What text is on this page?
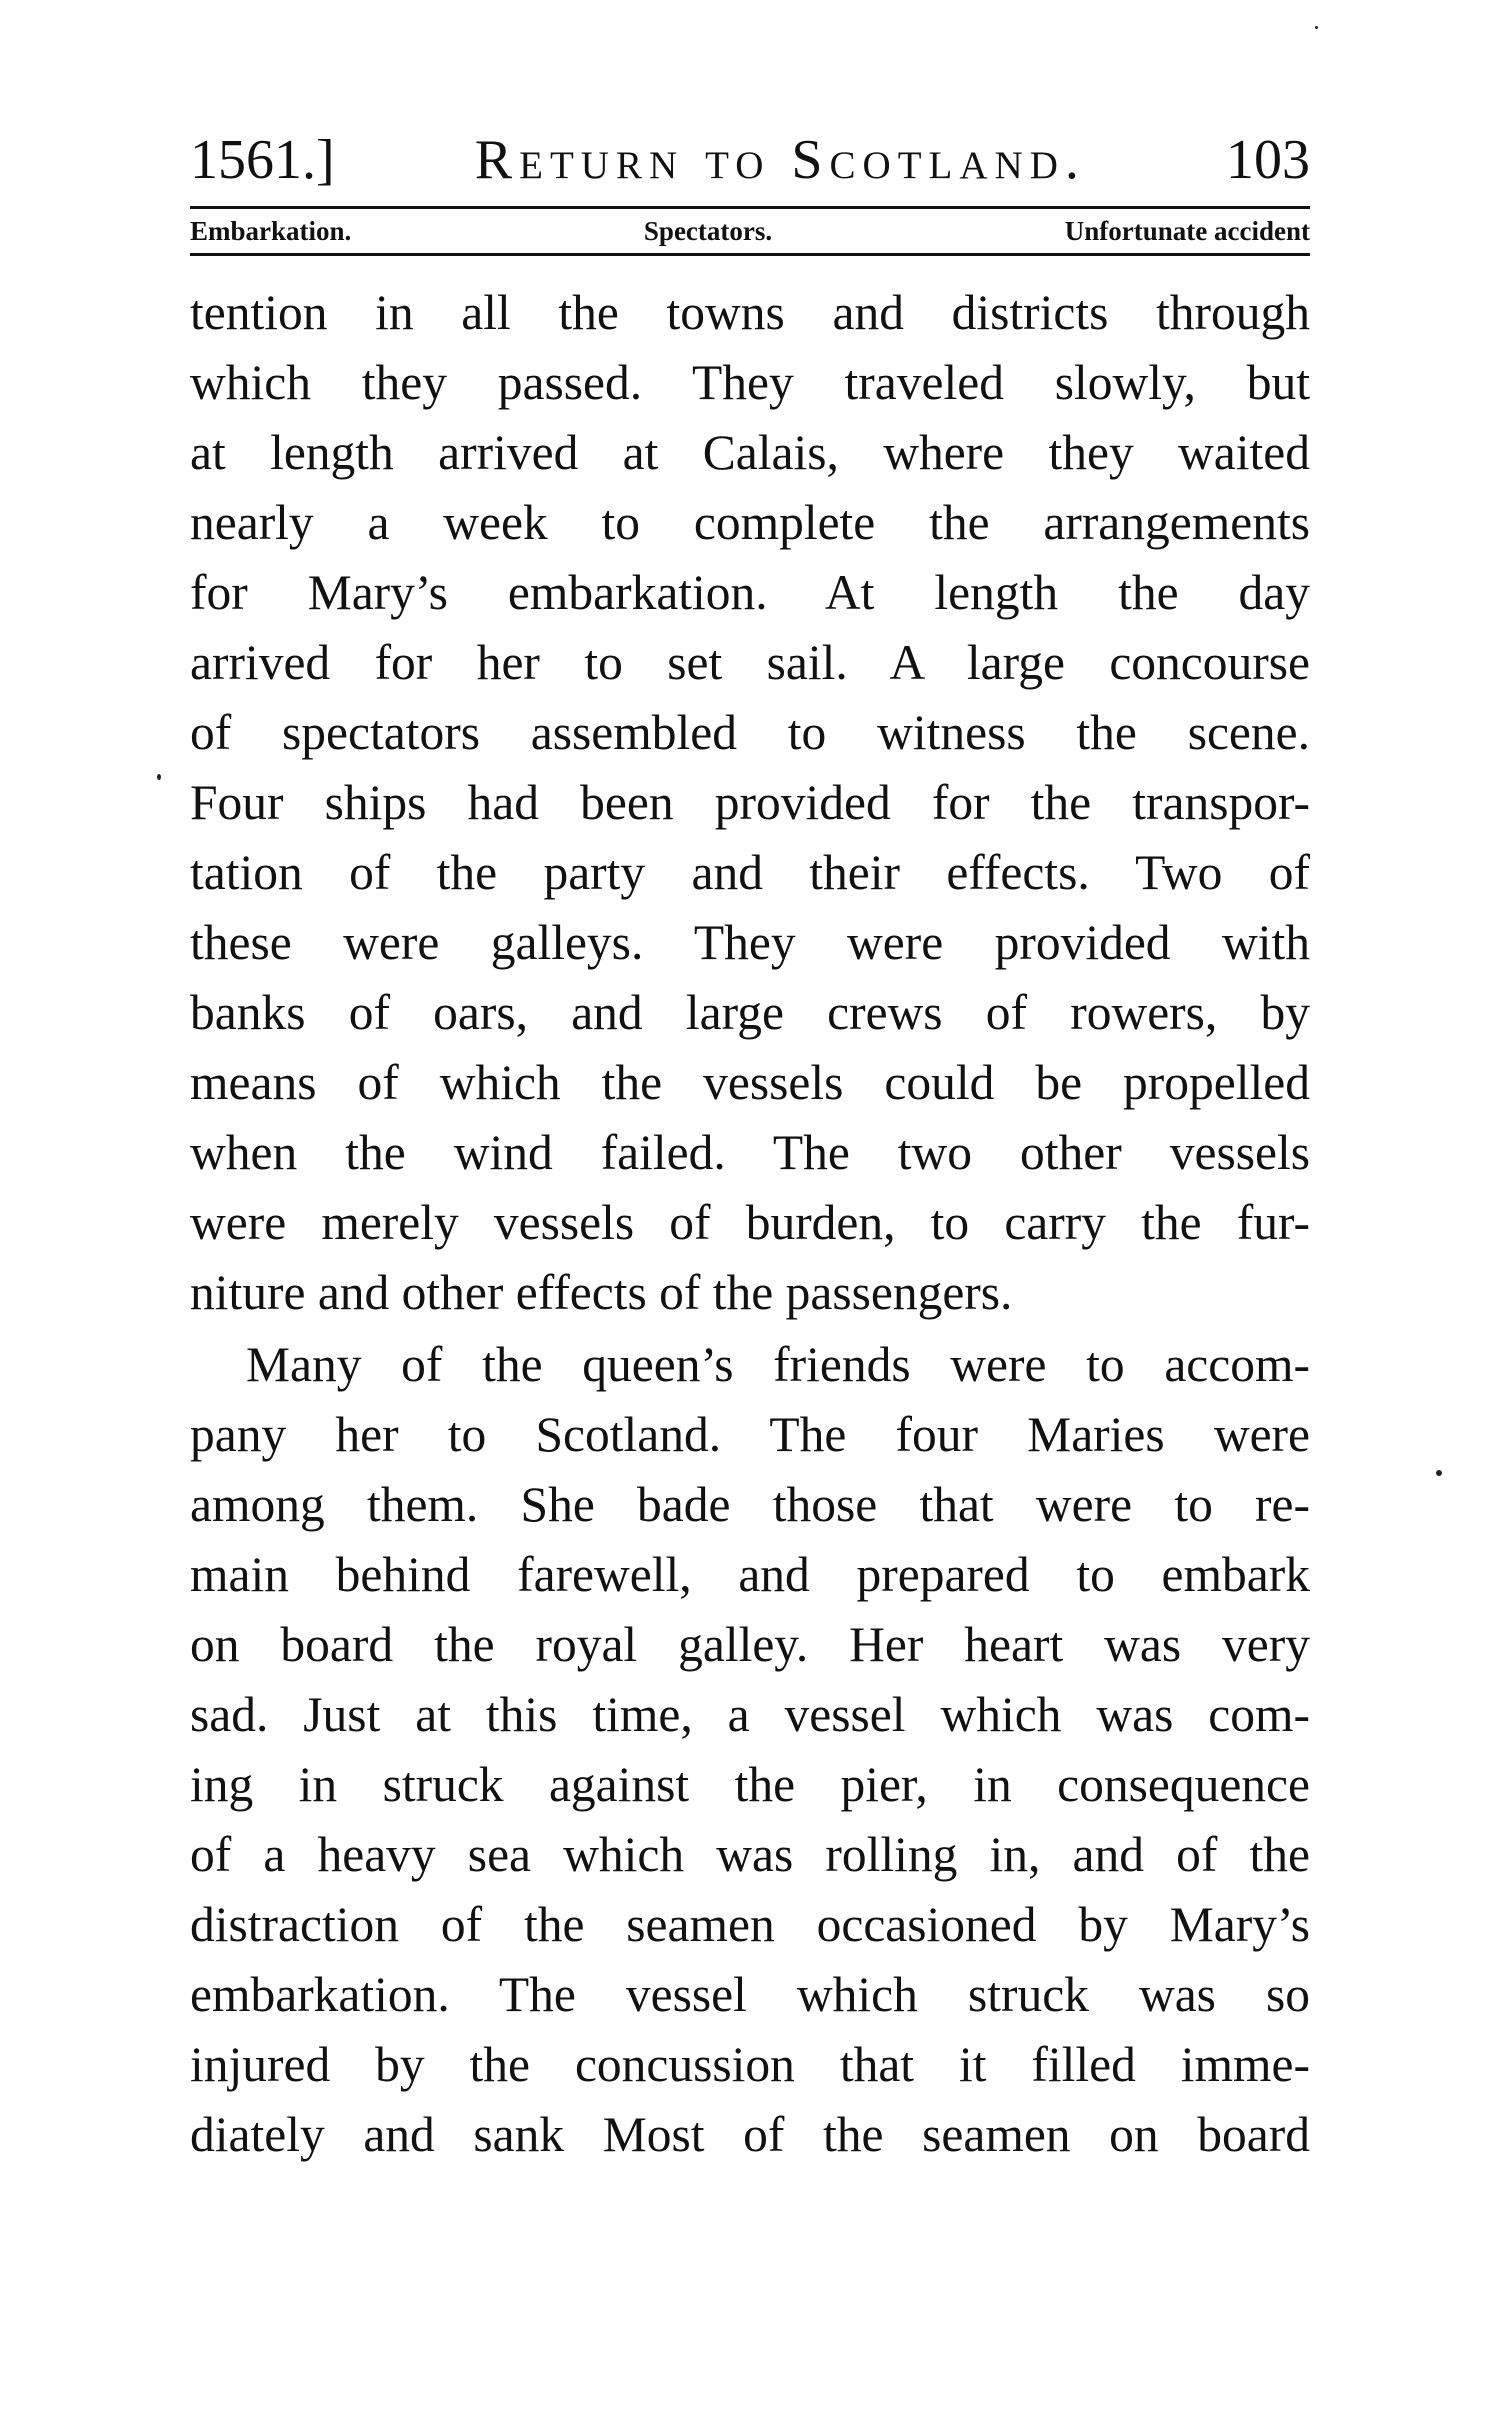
1561.]	Return to Scotland.	103
Embarkation.	Spectators.	Unfortunate accident
tention in all the towns and districts through
which they passed. They traveled slowly, but
at length arrived at Calais, where they waited
nearly a week to complete the arrangements
for Mary’s embarkation. At length the day
arrived for her to set sail. A large concourse
of spectators assembled to witness the scene.
Four ships had been provided for the transpor-
tation of the party and their effects. Two of
these were galleys. They were provided with
banks of oars, and large crews of rowers, by
means of which the vessels could be propelled
when the wind failed. The two other vessels
were merely vessels of burden, to carry the fur-
niture and other effects of the passengers.
Many of the queen’s friends were to accom-
pany her to Scotland. The four Maries were
among them. She bade those that were to re-
main behind farewell, and prepared to embark
on board the royal galley. Her heart was very
sad. Just at this time, a vessel which was com-
ing in struck against the pier, in consequence
of a heavy sea which was rolling in, and of the
distraction of the seamen occasioned by Mary’s
embarkation. The vessel which struck was so
injured by the concussion that it filled imme-
diately and sank Most of the seamen on board
